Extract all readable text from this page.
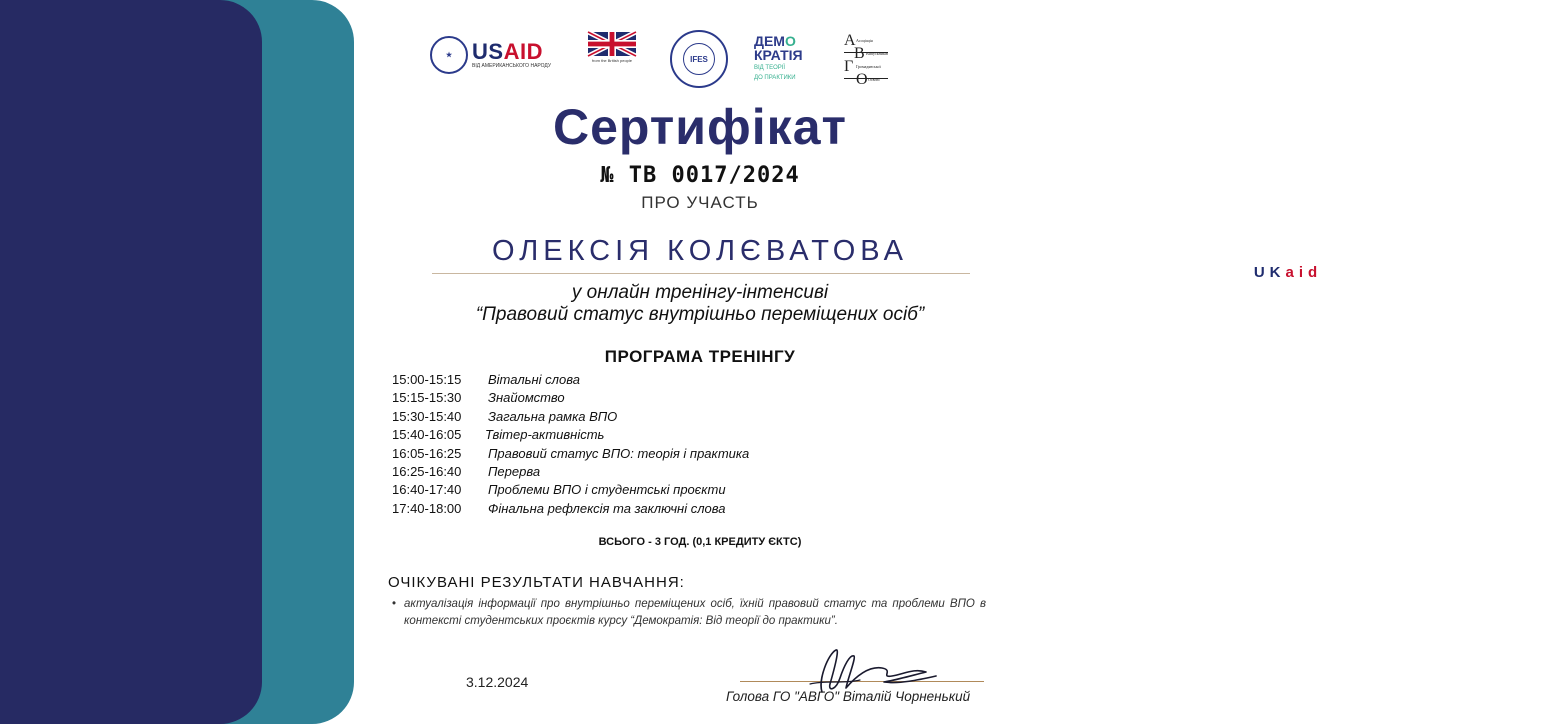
★ USAID
ВІД АМЕРИКАНСЬКОГО НАРОДУ
UKaid
from the British people	IFES
ДЕМО
КРАТІЯ
ВІД ТЕОРІЇ
ДО ПРАКТИКИ
А Асоціація
В Випускників
Г Громадянської
О Освіти
Сертифікат
№ ТВ 0017/2024
ПРО УЧАСТЬ
ОЛЕКСІЯ КОЛЄВАТОВА
у онлайн тренінгу-інтенсиві
“Правовий статус внутрішньо переміщених осіб”
ПРОГРАМА ТРЕНІНГУ
15:00-15:15	Вітальні слова
15:15-15:30	Знайомство
15:30-15:40	Загальна рамка ВПО
15:40-16:05	Твітер-активність
16:05-16:25	Правовий статус ВПО: теорія і практика
16:25-16:40	Перерва
16:40-17:40	Проблеми ВПО і студентські проєкти
17:40-18:00	Фінальна рефлексія та заключні слова
ВСЬОГО - 3 ГОД. (0,1 КРЕДИТУ ЄКТС)
ОЧІКУВАНІ РЕЗУЛЬТАТИ НАВЧАННЯ:
• актуалізація інформації про внутрішньо переміщених осіб, їхній правовий статус та проблеми ВПО в контексті студентських проєктів курсу “Демократія: Від теорії до практики”.
3.12.2024
Голова ГО "АВГО" Віталій Чорненький
